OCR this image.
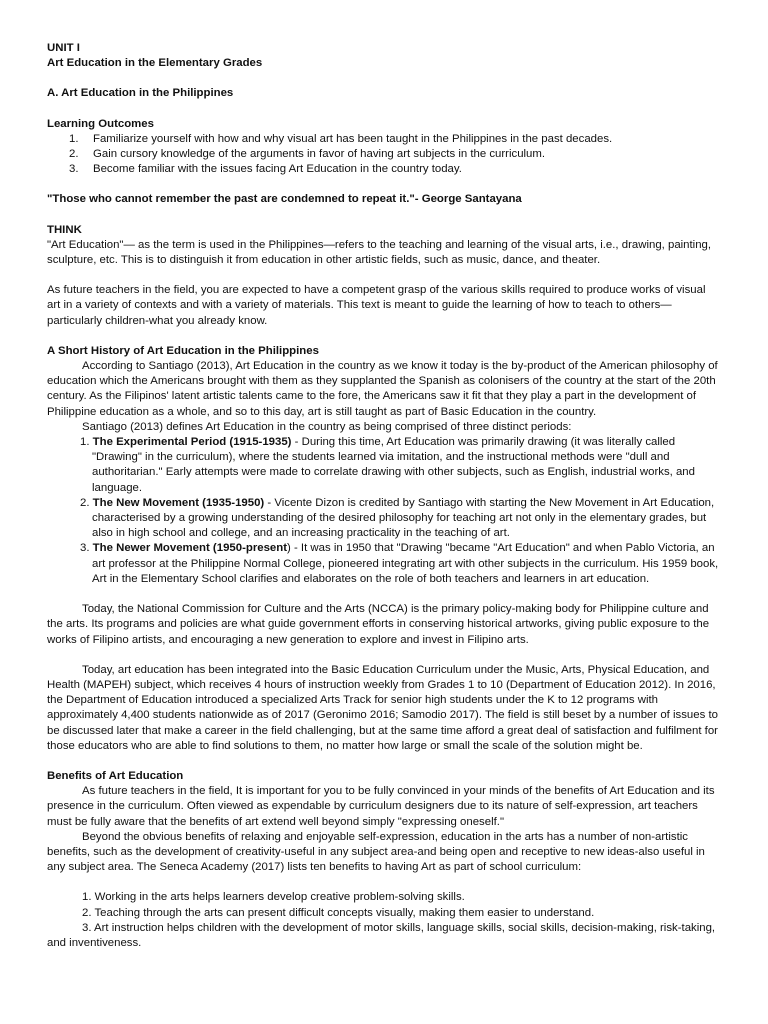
UNIT I

Art Education in the Elementary Grades

A. Art Education in the Philippines

Learning Outcomes

1.	Familiarize yourself with how and why visual art has been taught in the Philippines in the past decades.
2.	Gain cursory knowledge of the arguments in favor of having art subjects in the curriculum.
3.	Become familiar with the issues facing Art Education in the country today.

"Those who cannot remember the past are condemned to repeat it."- George Santayana

THINK

"Art Education"— as the term is used in the Philippines—refers to the teaching and learning of the visual arts, i.e., drawing, painting, sculpture, etc. This is to distinguish it from education in other artistic fields, such as music, dance, and theater.

As future teachers in the field, you are expected to have a competent grasp of the various skills required to produce works of visual art in a variety of contexts and with a variety of materials. This text is meant to guide the learning of how to teach to others—particularly children-what you already know.

A Short History of Art Education in the Philippines

According to Santiago (2013), Art Education in the country as we know it today is the by-product of the American philosophy of education which the Americans brought with them as they supplanted the Spanish as colonisers of the country at the start of the 20th century. As the Filipinos' latent artistic talents came to the fore, the Americans saw it fit that they play a part in the development of Philippine education as a whole, and so to this day, art is still taught as part of Basic Education in the country.

Santiago (2013) defines Art Education in the country as being comprised of three distinct periods:

1. The Experimental Period (1915-1935) - During this time, Art Education was primarily drawing (it was literally called "Drawing" in the curriculum), where the students learned via imitation, and the instructional methods were "dull and authoritarian." Early attempts were made to correlate drawing with other subjects, such as English, industrial works, and language.
2. The New Movement (1935-1950) - Vicente Dizon is credited by Santiago with starting the New Movement in Art Education, characterised by a growing understanding of the desired philosophy for teaching art not only in the elementary grades, but also in high school and college, and an increasing practicality in the teaching of art.
3. The Newer Movement (1950-present) - It was in 1950 that "Drawing "became "Art Education" and when Pablo Victoria, an art professor at the Philippine Normal College, pioneered integrating art with other subjects in the curriculum. His 1959 book, Art in the Elementary School clarifies and elaborates on the role of both teachers and learners in art education.

Today, the National Commission for Culture and the Arts (NCCA) is the primary policy-making body for Philippine culture and the arts. Its programs and policies are what guide government efforts in conserving historical artworks, giving public exposure to the works of Filipino artists, and encouraging a new generation to explore and invest in Filipino arts.

Today, art education has been integrated into the Basic Education Curriculum under the Music, Arts, Physical Education, and Health (MAPEH) subject, which receives 4 hours of instruction weekly from Grades 1 to 10 (Department of Education 2012). In 2016, the Department of Education introduced a specialized Arts Track for senior high students under the K to 12 programs with approximately 4,400 students nationwide as of 2017 (Geronimo 2016; Samodio 2017). The field is still beset by a number of issues to be discussed later that make a career in the field challenging, but at the same time afford a great deal of satisfaction and fulfilment for those educators who are able to find solutions to them, no matter how large or small the scale of the solution might be.

Benefits of Art Education

As future teachers in the field, It is important for you to be fully convinced in your minds of the benefits of Art Education and its presence in the curriculum. Often viewed as expendable by curriculum designers due to its nature of self-expression, art teachers must be fully aware that the benefits of art extend well beyond simply "expressing oneself."

Beyond the obvious benefits of relaxing and enjoyable self-expression, education in the arts has a number of non-artistic benefits, such as the development of creativity-useful in any subject area-and being open and receptive to new ideas-also useful in any subject area. The Seneca Academy (2017) lists ten benefits to having Art as part of school curriculum:

1. Working in the arts helps learners develop creative problem-solving skills.

2. Teaching through the arts can present difficult concepts visually, making them easier to understand.

3. Art instruction helps children with the development of motor skills, language skills, social skills, decision-making, risk-taking, and inventiveness.
